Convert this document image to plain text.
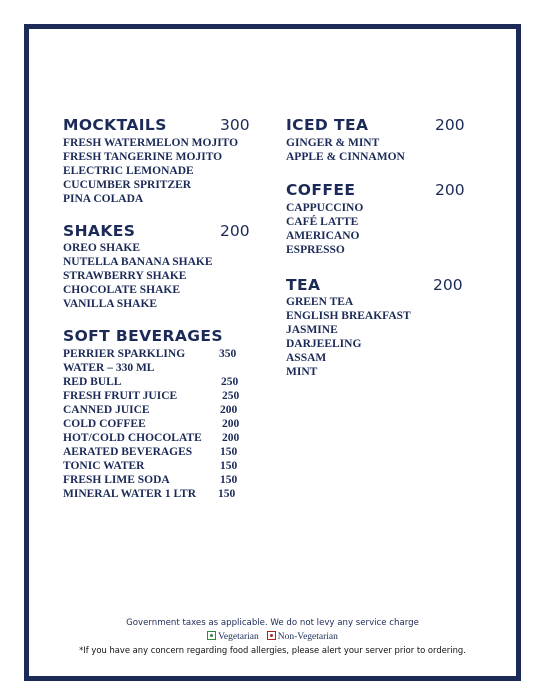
MOCKTAILS	300
FRESH WATERMELON MOJITO
FRESH TANGERINE MOJITO
ELECTRIC LEMONADE
CUCUMBER SPRITZER
PINA COLADA
SHAKES	200
OREO SHAKE
NUTELLA BANANA SHAKE
STRAWBERRY SHAKE
CHOCOLATE SHAKE
VANILLA SHAKE
SOFT BEVERAGES
PERRIER SPARKLING	350
WATER – 330 ML
RED BULL	250
FRESH FRUIT JUICE	250
CANNED JUICE	200
COLD COFFEE	200
HOT/COLD CHOCOLATE 200
AERATED BEVERAGES 150
TONIC WATER	150
FRESH LIME SODA	150
MINERAL WATER 1 LTR 150
ICED TEA	200
GINGER & MINT
APPLE & CINNAMON
COFFEE	200
CAPPUCCINO
CAFÉ LATTE
AMERICANO
ESPRESSO
TEA	200
GREEN TEA
ENGLISH BREAKFAST
JASMINE
DARJEELING
ASSAM
MINT
Government taxes as applicable. We do not levy any service charge
Vegetarian Non-Vegetarian
*If you have any concern regarding food allergies, please alert your server prior to ordering.
